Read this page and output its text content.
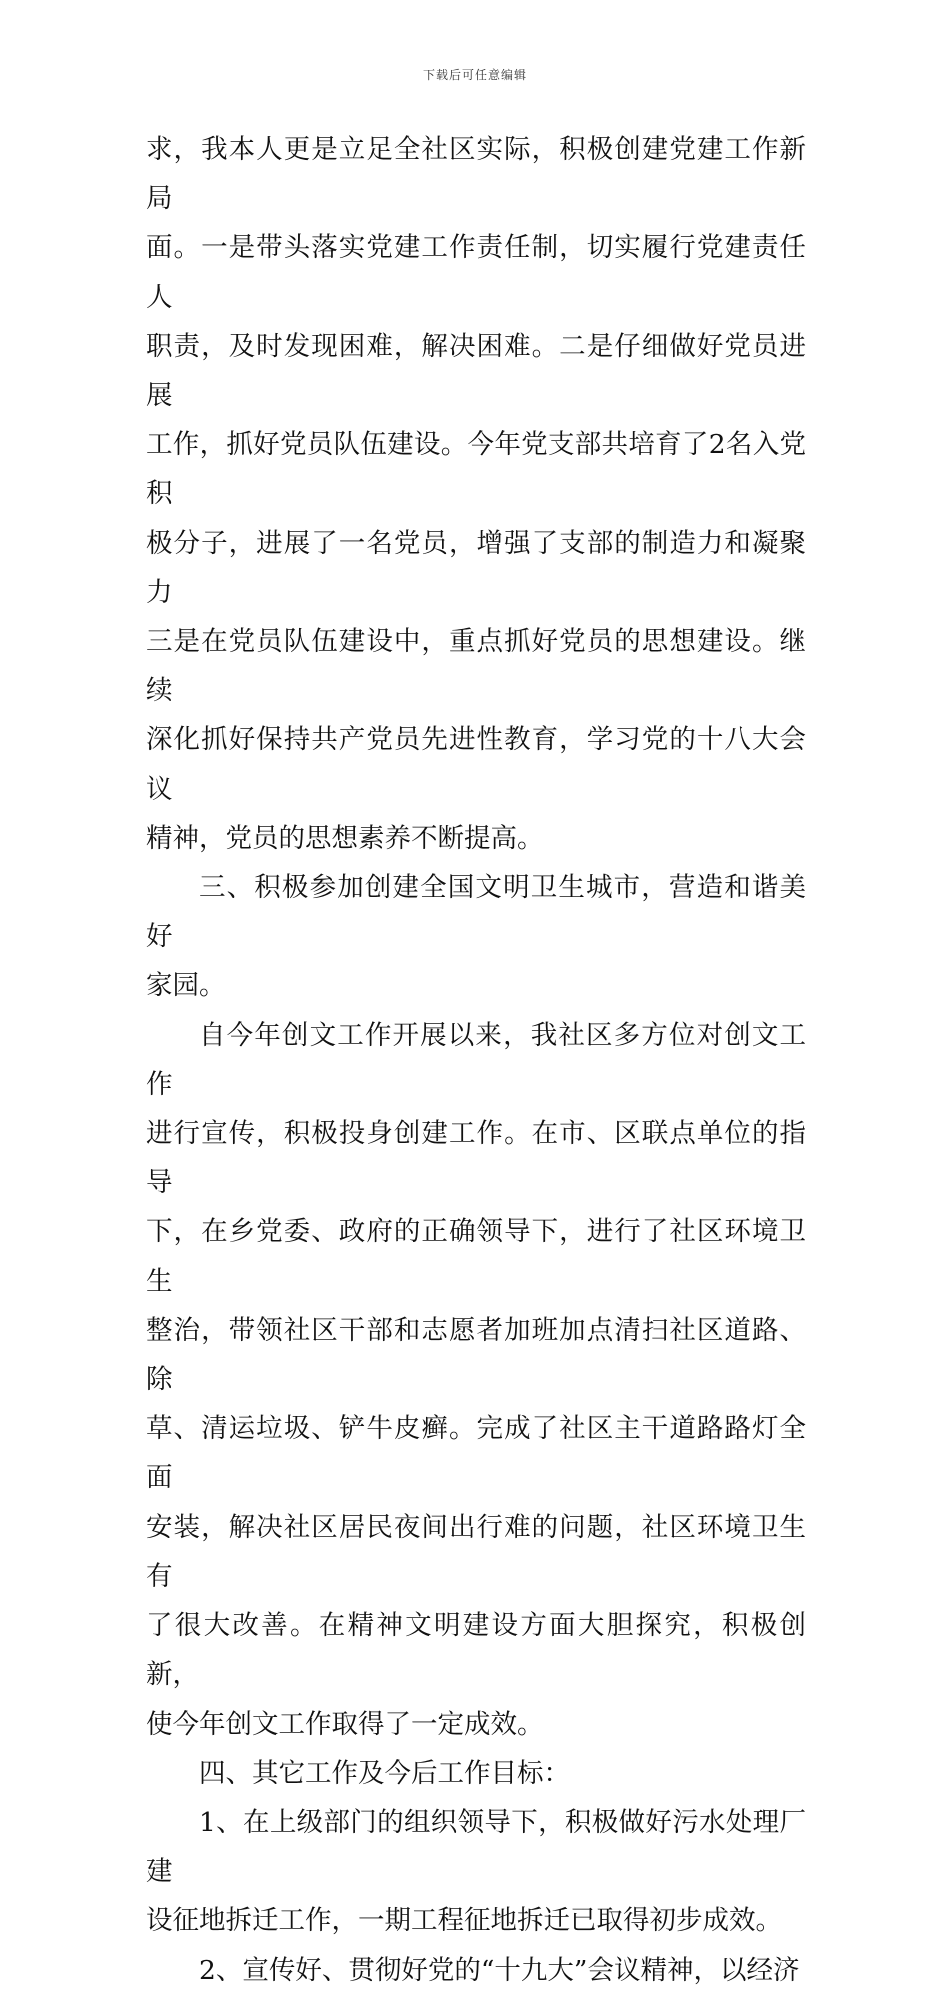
下载后可任意编辑

求，我本人更是立足全社区实际，积极创建党建工作新局
面。一是带头落实党建工作责任制，切实履行党建责任人
职责，及时发现困难，解决困难。二是仔细做好党员进展
工作，抓好党员队伍建设。今年党支部共培育了2名入党积
极分子，进展了一名党员，增强了支部的制造力和凝聚力
三是在党员队伍建设中，重点抓好党员的思想建设。继续
深化抓好保持共产党员先进性教育，学习党的十八大会议
精神，党员的思想素养不断提高。

三、积极参加创建全国文明卫生城市，营造和谐美好
家园。

自今年创文工作开展以来，我社区多方位对创文工作
进行宣传，积极投身创建工作。在市、区联点单位的指导
下，在乡党委、政府的正确领导下，进行了社区环境卫生
整治，带领社区干部和志愿者加班加点清扫社区道路、除
草、清运垃圾、铲牛皮癣。完成了社区主干道路路灯全面
安装，解决社区居民夜间出行难的问题，社区环境卫生有
了很大改善。在精神文明建设方面大胆探究，积极创新，
使今年创文工作取得了一定成效。

四、其它工作及今后工作目标：

1、在上级部门的组织领导下，积极做好污水处理厂建
设征地拆迁工作，一期工程征地拆迁已取得初步成效。

2、宣传好、贯彻好党的“十九大”会议精神，以经济
